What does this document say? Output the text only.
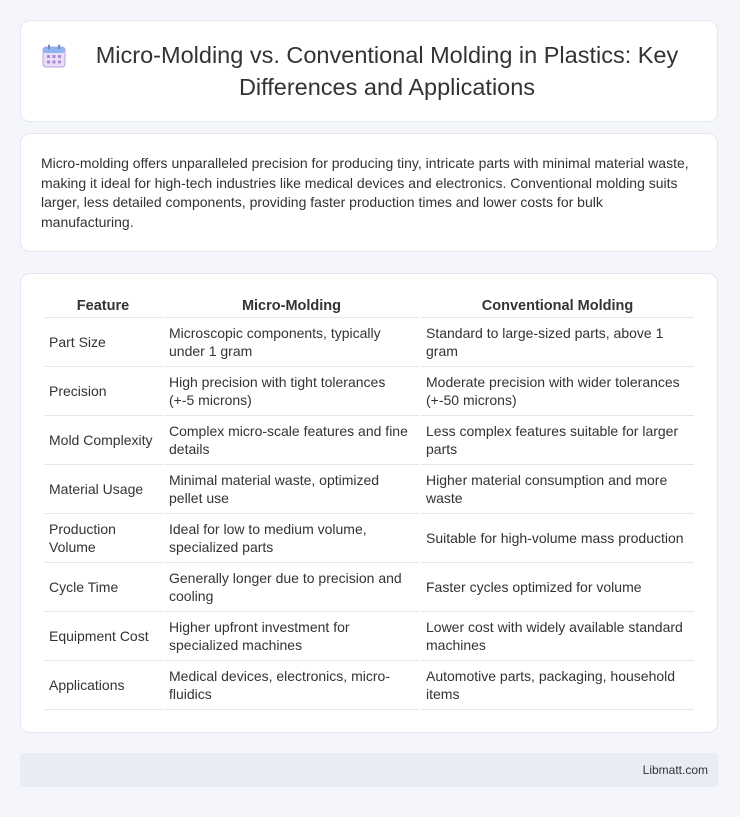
Micro-Molding vs. Conventional Molding in Plastics: Key Differences and Applications

Micro-molding offers unparalleled precision for producing tiny, intricate parts with minimal material waste, making it ideal for high-tech industries like medical devices and electronics. Conventional molding suits larger, less detailed components, providing faster production times and lower costs for bulk manufacturing.

Feature	Micro-Molding	Conventional Molding
Part Size	Microscopic components, typically under 1 gram	Standard to large-sized parts, above 1 gram
Precision	High precision with tight tolerances (+-5 microns)	Moderate precision with wider tolerances (+-50 microns)
Mold Complexity	Complex micro-scale features and fine details	Less complex features suitable for larger parts
Material Usage	Minimal material waste, optimized pellet use	Higher material consumption and more waste
Production Volume	Ideal for low to medium volume, specialized parts	Suitable for high-volume mass production
Cycle Time	Generally longer due to precision and cooling	Faster cycles optimized for volume
Equipment Cost	Higher upfront investment for specialized machines	Lower cost with widely available standard machines
Applications	Medical devices, electronics, micro-fluidics	Automotive parts, packaging, household items
Libmatt.com
